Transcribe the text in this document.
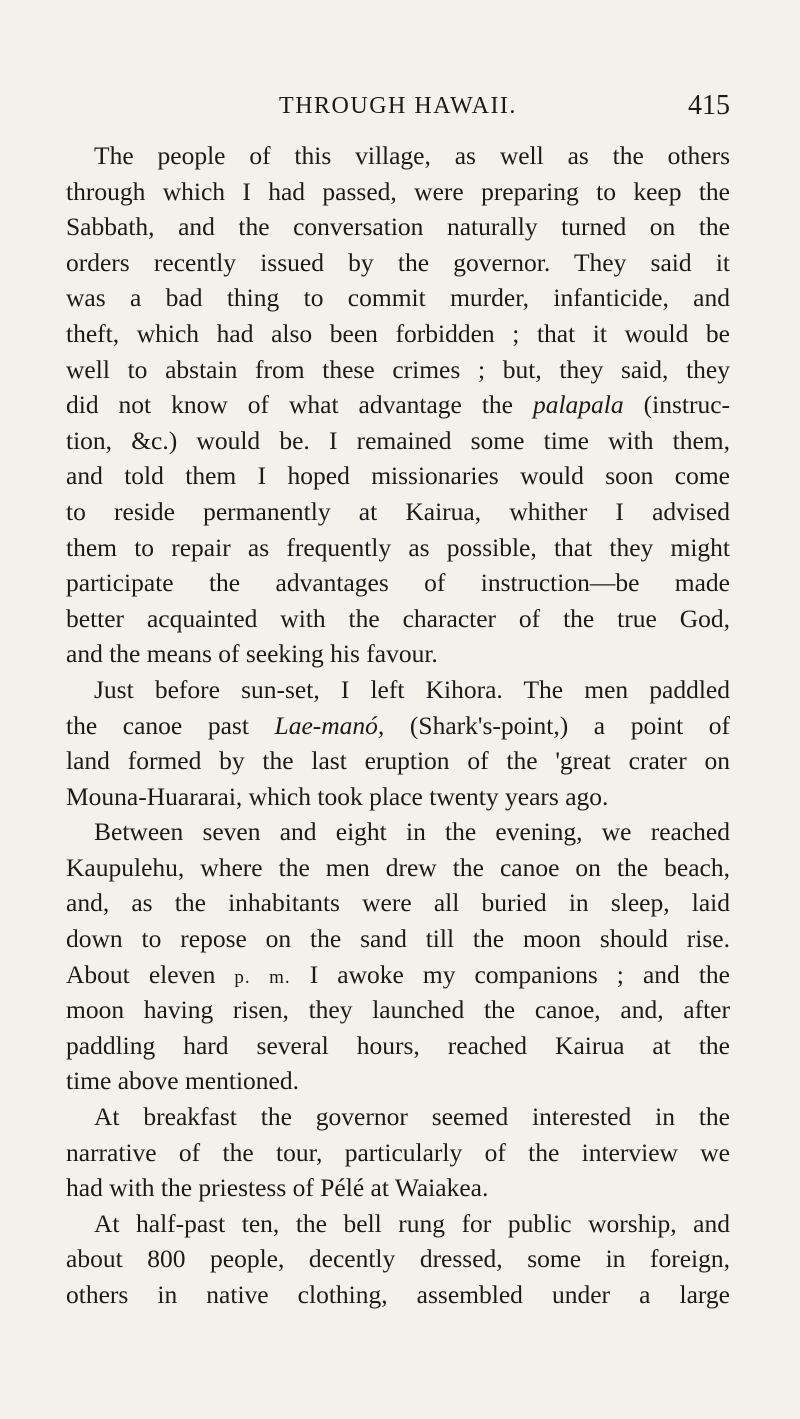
THROUGH HAWAII.	415
The people of this village, as well as the others
through which I had passed, were preparing to keep the
Sabbath, and the conversation naturally turned on the
orders recently issued by the governor. They said it
was a bad thing to commit murder, infanticide, and
theft, which had also been forbidden ; that it would be
well to abstain from these crimes ; but, they said, they
did not know of what advantage the palapala (instruc-
tion, &c.) would be. I remained some time with them,
and told them I hoped missionaries would soon come
to reside permanently at Kairua, whither I advised
them to repair as frequently as possible, that they might
participate the advantages of instruction—be made
better acquainted with the character of the true God,
and the means of seeking his favour.
Just before sun-set, I left Kihora. The men paddled
the canoe past Lae-manó, (Shark's-point,) a point of
land formed by the last eruption of the 'great crater on
Mouna-Huararai, which took place twenty years ago.
Between seven and eight in the evening, we reached
Kaupulehu, where the men drew the canoe on the beach,
and, as the inhabitants were all buried in sleep, laid
down to repose on the sand till the moon should rise.
About eleven p. m. I awoke my companions ; and the
moon having risen, they launched the canoe, and, after
paddling hard several hours, reached Kairua at the
time above mentioned.
At breakfast the governor seemed interested in the
narrative of the tour, particularly of the interview we
had with the priestess of Pélé at Waiakea.
At half-past ten, the bell rung for public worship, and
about 800 people, decently dressed, some in foreign,
others in native clothing, assembled under a large
